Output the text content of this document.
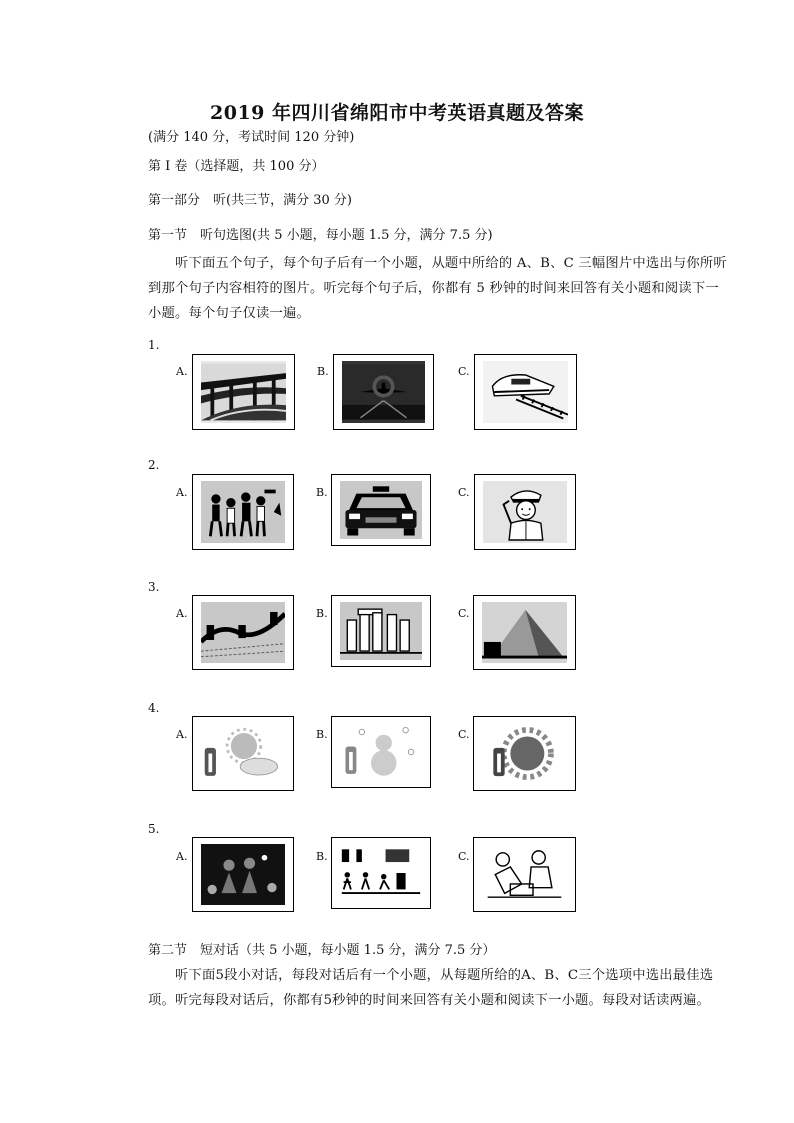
2019 年四川省绵阳市中考英语真题及答案
(满分 140 分，考试时间 120 分钟)
第 I 卷（选择题，共 100 分）
第一部分　听(共三节，满分 30 分)
第一节　听句选图(共 5 小题，每小题 1.5 分，满分 7.5 分)
听下面五个句子，每个句子后有一个小题，从题中所给的 A、B、C 三幅图片中选出与你所听到那个句子内容相符的图片。听完每个句子后，你都有 5 秒钟的时间来回答有关小题和阅读下一小题。每个句子仅读一遍。
1.
A.	B.	C.
2.
A.	B.	C.
3.
A.	B.	C.
4.
A.	B.	C.
5.
A.	B.	C.
第二节　短对话（共 5 小题，每小题 1.5 分，满分 7.5 分）
听下面5段小对话，每段对话后有一个小题，从每题所给的A、B、C三个选项中选出最佳选项。听完每段对话后，你都有5秒钟的时间来回答有关小题和阅读下一小题。每段对话读两遍。
